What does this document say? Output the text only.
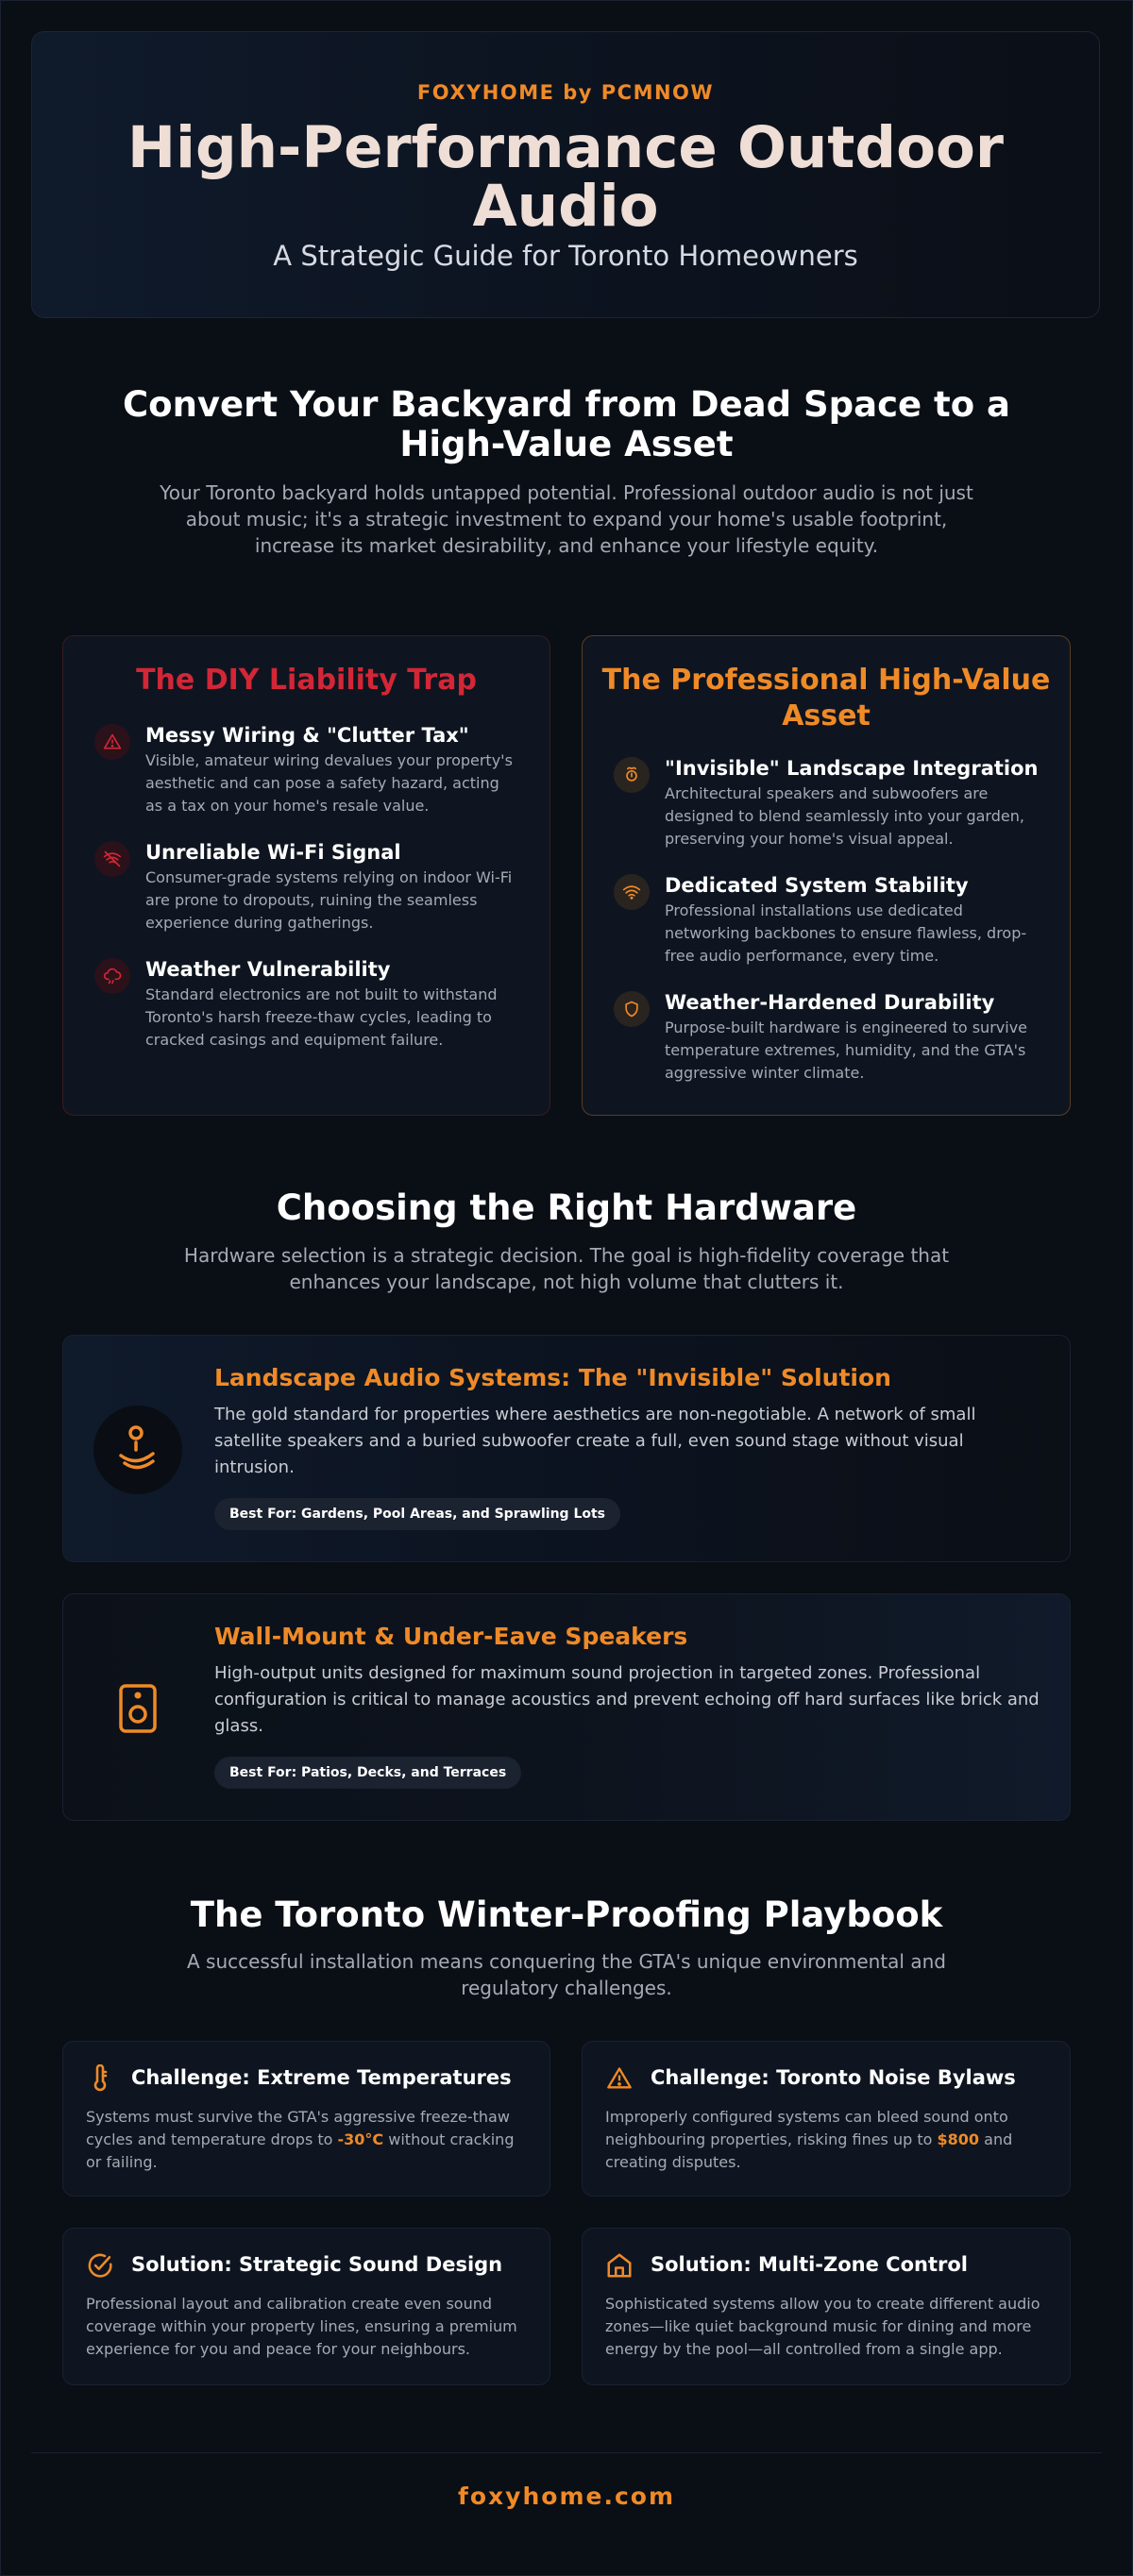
FOXYHOME by PCMNOW
High-Performance Outdoor Audio
A Strategic Guide for Toronto Homeowners
Convert Your Backyard from Dead Space to a High-Value Asset
Your Toronto backyard holds untapped potential. Professional outdoor audio is not just about music; it's a strategic investment to expand your home's usable footprint, increase its market desirability, and enhance your lifestyle equity.
The DIY Liability Trap
Messy Wiring & "Clutter Tax"
Visible, amateur wiring devalues your property's aesthetic and can pose a safety hazard, acting as a tax on your home's resale value.
Unreliable Wi-Fi Signal
Consumer-grade systems relying on indoor Wi-Fi are prone to dropouts, ruining the seamless experience during gatherings.
Weather Vulnerability
Standard electronics are not built to withstand Toronto's harsh freeze-thaw cycles, leading to cracked casings and equipment failure.
The Professional High-Value Asset
"Invisible" Landscape Integration
Architectural speakers and subwoofers are designed to blend seamlessly into your garden, preserving your home's visual appeal.
Dedicated System Stability
Professional installations use dedicated networking backbones to ensure flawless, drop-free audio performance, every time.
Weather-Hardened Durability
Purpose-built hardware is engineered to survive temperature extremes, humidity, and the GTA's aggressive winter climate.
Choosing the Right Hardware
Hardware selection is a strategic decision. The goal is high-fidelity coverage that enhances your landscape, not high volume that clutters it.
Landscape Audio Systems: The "Invisible" Solution
The gold standard for properties where aesthetics are non-negotiable. A network of small satellite speakers and a buried subwoofer create a full, even sound stage without visual intrusion.
Best For: Gardens, Pool Areas, and Sprawling Lots
Wall-Mount & Under-Eave Speakers
High-output units designed for maximum sound projection in targeted zones. Professional configuration is critical to manage acoustics and prevent echoing off hard surfaces like brick and glass.
Best For: Patios, Decks, and Terraces
The Toronto Winter-Proofing Playbook
A successful installation means conquering the GTA's unique environmental and regulatory challenges.
Challenge: Extreme Temperatures
Systems must survive the GTA's aggressive freeze-thaw cycles and temperature drops to -30°C without cracking or failing.
Challenge: Toronto Noise Bylaws
Improperly configured systems can bleed sound onto neighbouring properties, risking fines up to $800 and creating disputes.
Solution: Strategic Sound Design
Professional layout and calibration create even sound coverage within your property lines, ensuring a premium experience for you and peace for your neighbours.
Solution: Multi-Zone Control
Sophisticated systems allow you to create different audio zones—like quiet background music for dining and more energy by the pool—all controlled from a single app.
foxyhome.com
